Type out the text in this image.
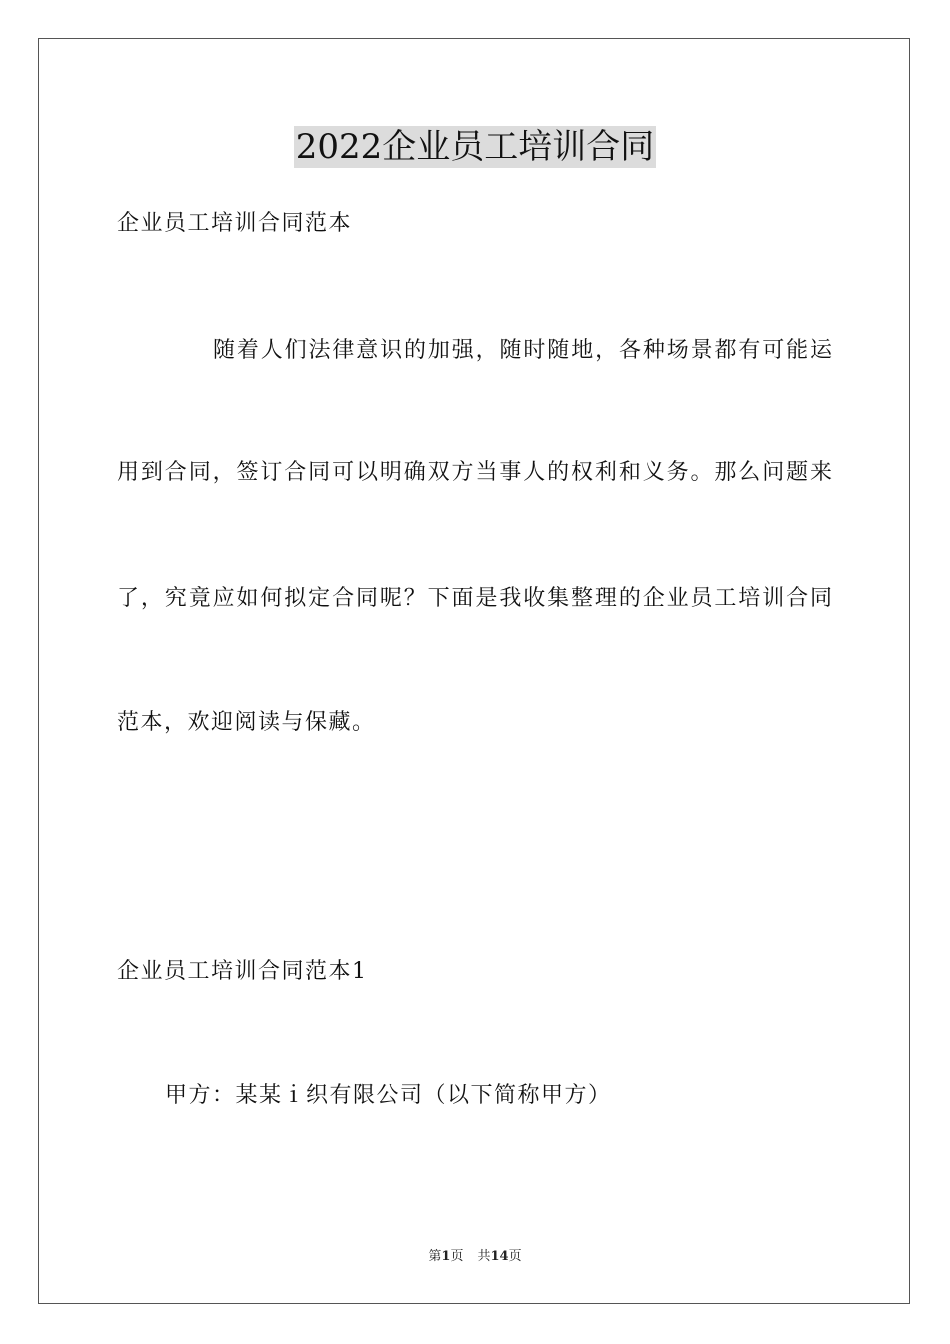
2022企业员工培训合同
企业员工培训合同范本
随着人们法律意识的加强，随时随地，各种场景都有可能运
用到合同，签订合同可以明确双方当事人的权利和义务。那么问题来
了，究竟应如何拟定合同呢？下面是我收集整理的企业员工培训合同
范本，欢迎阅读与保藏。
企业员工培训合同范本1
甲方：某某ｉ织有限公司（以下简称甲方）
第1页 共14页
